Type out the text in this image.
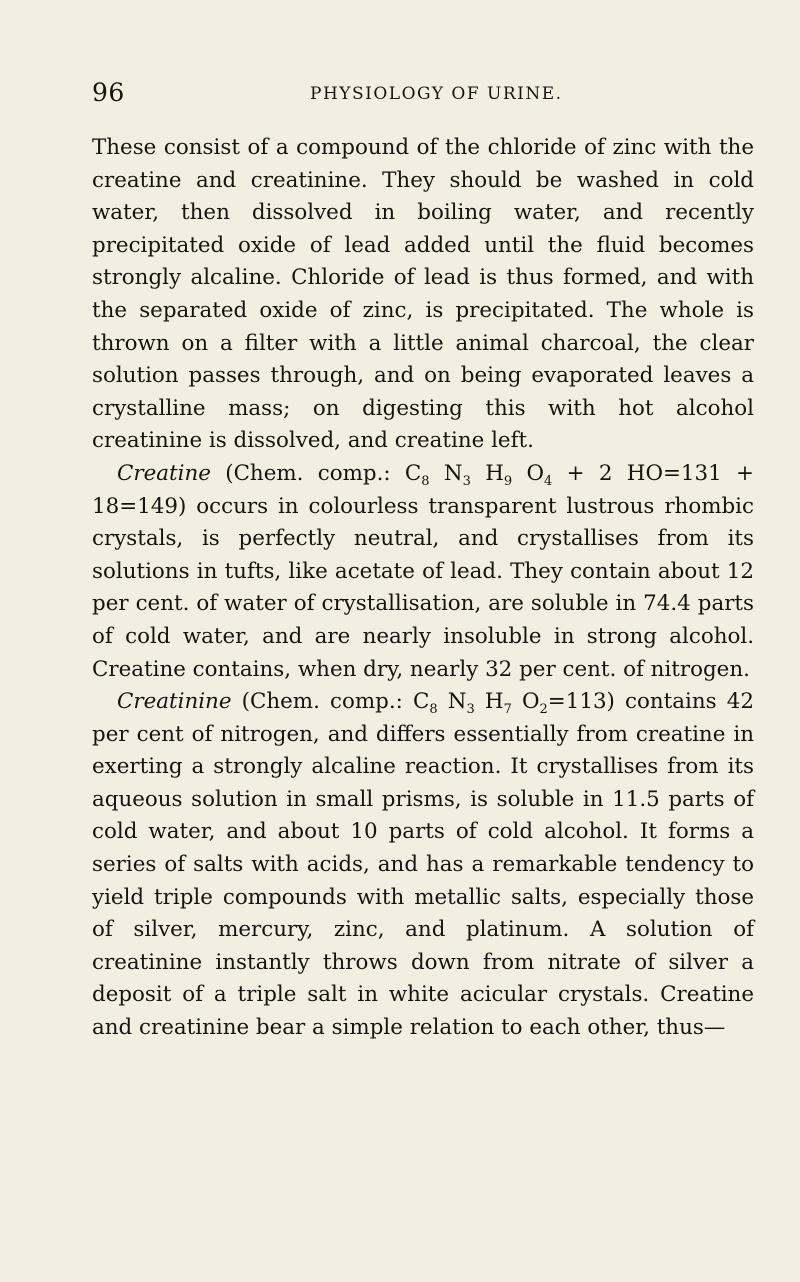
96	PHYSIOLOGY OF URINE.

These consist of a compound of the chloride of zinc with the creatine and creatinine. They should be washed in cold water, then dissolved in boiling water, and recently precipitated oxide of lead added until the fluid becomes strongly alcaline. Chloride of lead is thus formed, and with the separated oxide of zinc, is precipitated. The whole is thrown on a filter with a little animal charcoal, the clear solution passes through, and on being evaporated leaves a crystalline mass; on digesting this with hot alcohol creatinine is dissolved, and creatine left.

Creatine (Chem. comp.: $C_8$ $N_3$ $H_9$ $O_4 + 2$ HO=131 + 18=149) occurs in colourless transparent lustrous rhombic crystals, is perfectly neutral, and crystallises from its solutions in tufts, like acetate of lead. They contain about 12 per cent. of water of crystallisation, are soluble in 74.4 parts of cold water, and are nearly insoluble in strong alcohol. Creatine contains, when dry, nearly 32 per cent. of nitrogen.

Creatinine (Chem. comp.: $C_8$ $N_3$ $H_7$ $O_2=113$) contains 42 per cent of nitrogen, and differs essentially from creatine in exerting a strongly alcaline reaction. It crystallises from its aqueous solution in small prisms, is soluble in 11.5 parts of cold water, and about 10 parts of cold alcohol. It forms a series of salts with acids, and has a remarkable tendency to yield triple compounds with metallic salts, especially those of silver, mercury, zinc, and platinum. A solution of creatinine instantly throws down from nitrate of silver a deposit of a triple salt in white acicular crystals. Creatine and creatinine bear a simple relation to each other, thus—
